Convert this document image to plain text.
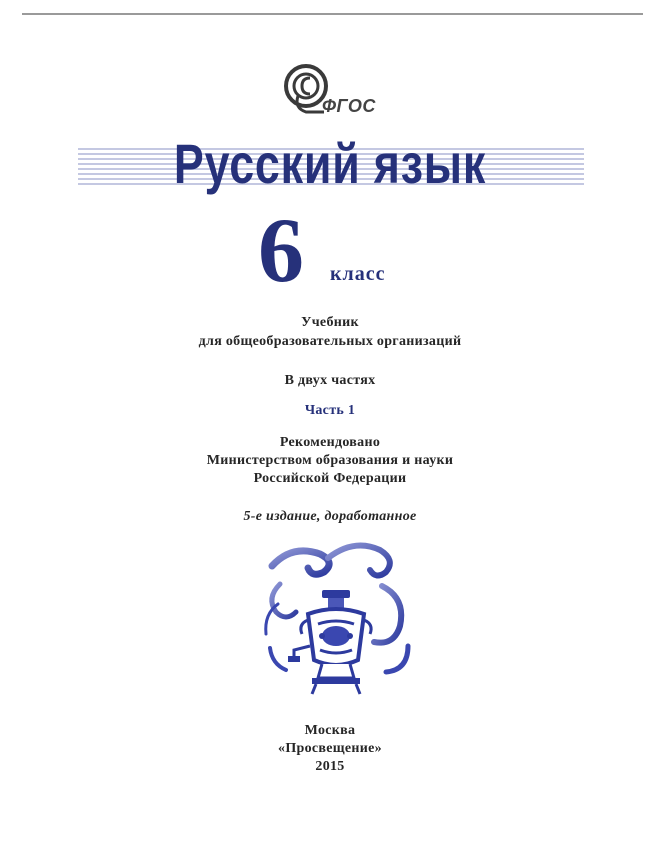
ФГОС
Русский язык
6 класс
Учебник
для общеобразовательных организаций
В двух частях
Часть 1
Рекомендовано
Министерством образования и науки
Российской Федерации
5-е издание, доработанное
Москва
«Просвещение»
2015
